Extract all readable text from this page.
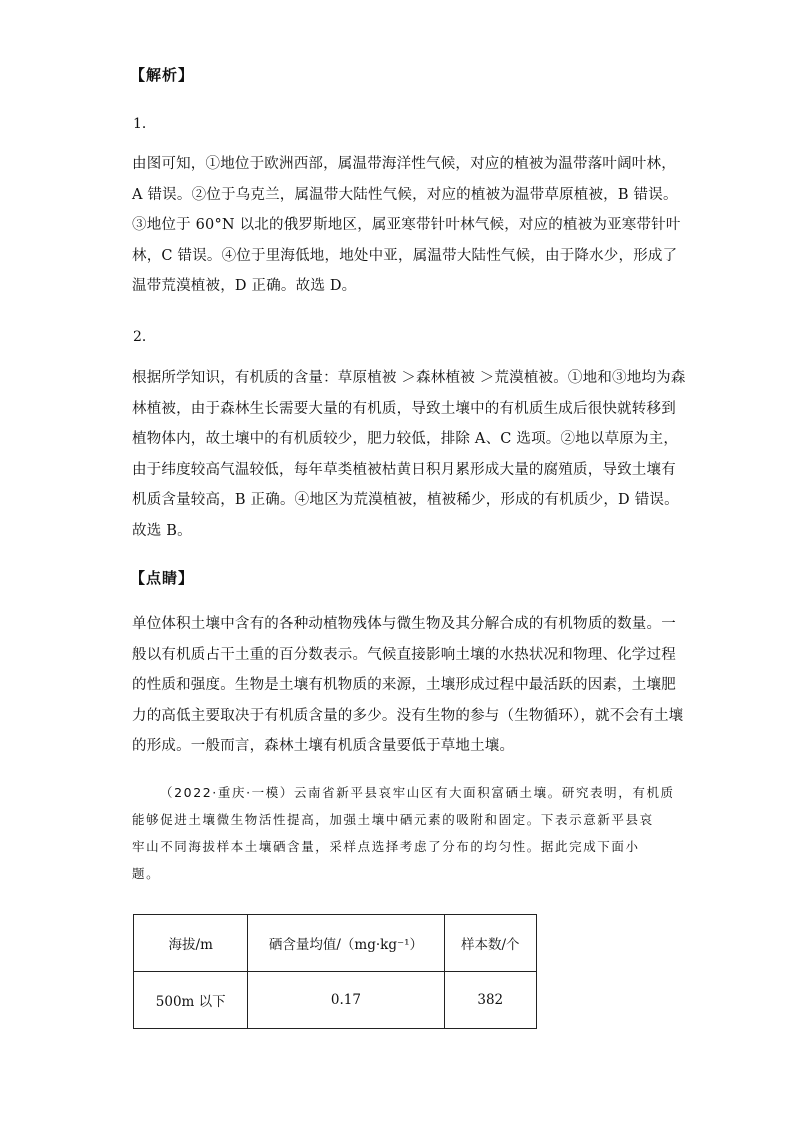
【解析】
1．
由图可知，①地位于欧洲西部，属温带海洋性气候，对应的植被为温带落叶阔叶林，
A 错误。②位于乌克兰，属温带大陆性气候，对应的植被为温带草原植被，B 错误。
③地位于 60°N 以北的俄罗斯地区，属亚寒带针叶林气候，对应的植被为亚寒带针叶
林，C 错误。④位于里海低地，地处中亚，属温带大陆性气候，由于降水少，形成了
温带荒漠植被，D 正确。故选 D。
2．
根据所学知识，有机质的含量：草原植被 ＞森林植被 ＞荒漠植被。①地和③地均为森
林植被，由于森林生长需要大量的有机质，导致土壤中的有机质生成后很快就转移到
植物体内，故土壤中的有机质较少，肥力较低，排除 A、C 选项。②地以草原为主，
由于纬度较高气温较低，每年草类植被枯黄日积月累形成大量的腐殖质，导致土壤有
机质含量较高，B 正确。④地区为荒漠植被，植被稀少，形成的有机质少，D 错误。
故选 B。
【点睛】
单位体积土壤中含有的各种动植物残体与微生物及其分解合成的有机物质的数量。一
般以有机质占干土重的百分数表示。气候直接影响土壤的水热状况和物理、化学过程
的性质和强度。生物是土壤有机物质的来源，土壤形成过程中最活跃的因素，土壤肥
力的高低主要取决于有机质含量的多少。没有生物的参与（生物循环），就不会有土壤
的形成。一般而言，森林土壤有机质含量要低于草地土壤。
（2022·重庆·一模）云南省新平县哀牢山区有大面积富硒土壤。研究表明，有机质
能够促进土壤微生物活性提高，加强土壤中硒元素的吸附和固定。下表示意新平县哀
牢山不同海拔样本土壤硒含量，采样点选择考虑了分布的均匀性。据此完成下面小
题。
海拔/m	硒含量均值/（mg·kg⁻¹）	样本数/个
500m 以下	0.17	382
